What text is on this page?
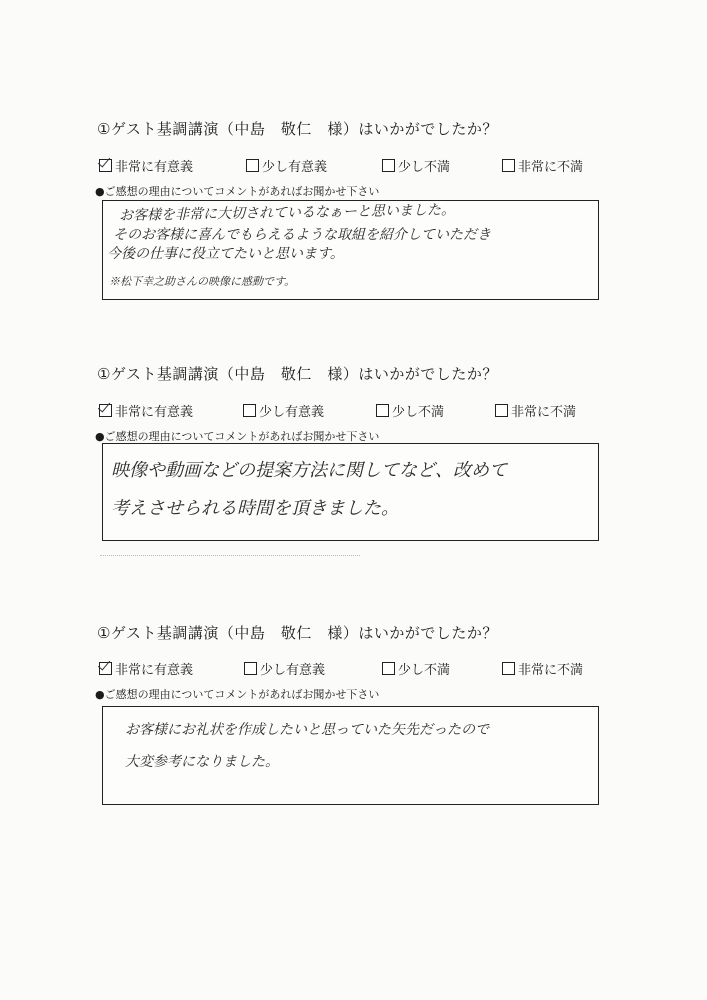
①ゲスト基調講演（中島　敬仁　様）はいかがでしたか？
非常に有意義	少し有意義	少し不満	非常に不満
●ご感想の理由についてコメントがあればお聞かせ下さい
お客様を非常に大切されているなぁーと思いました。
そのお客様に喜んでもらえるような取組を紹介していただき
今後の仕事に役立てたいと思います。
※松下幸之助さんの映像に感動です。
①ゲスト基調講演（中島　敬仁　様）はいかがでしたか？
非常に有意義	少し有意義	少し不満	非常に不満
●ご感想の理由についてコメントがあればお聞かせ下さい
映像や動画などの提案方法に関してなど、改めて
考えさせられる時間を頂きました。
①ゲスト基調講演（中島　敬仁　様）はいかがでしたか？
非常に有意義	少し有意義	少し不満	非常に不満
●ご感想の理由についてコメントがあればお聞かせ下さい
お客様にお礼状を作成したいと思っていた矢先だったので
大変参考になりました。
